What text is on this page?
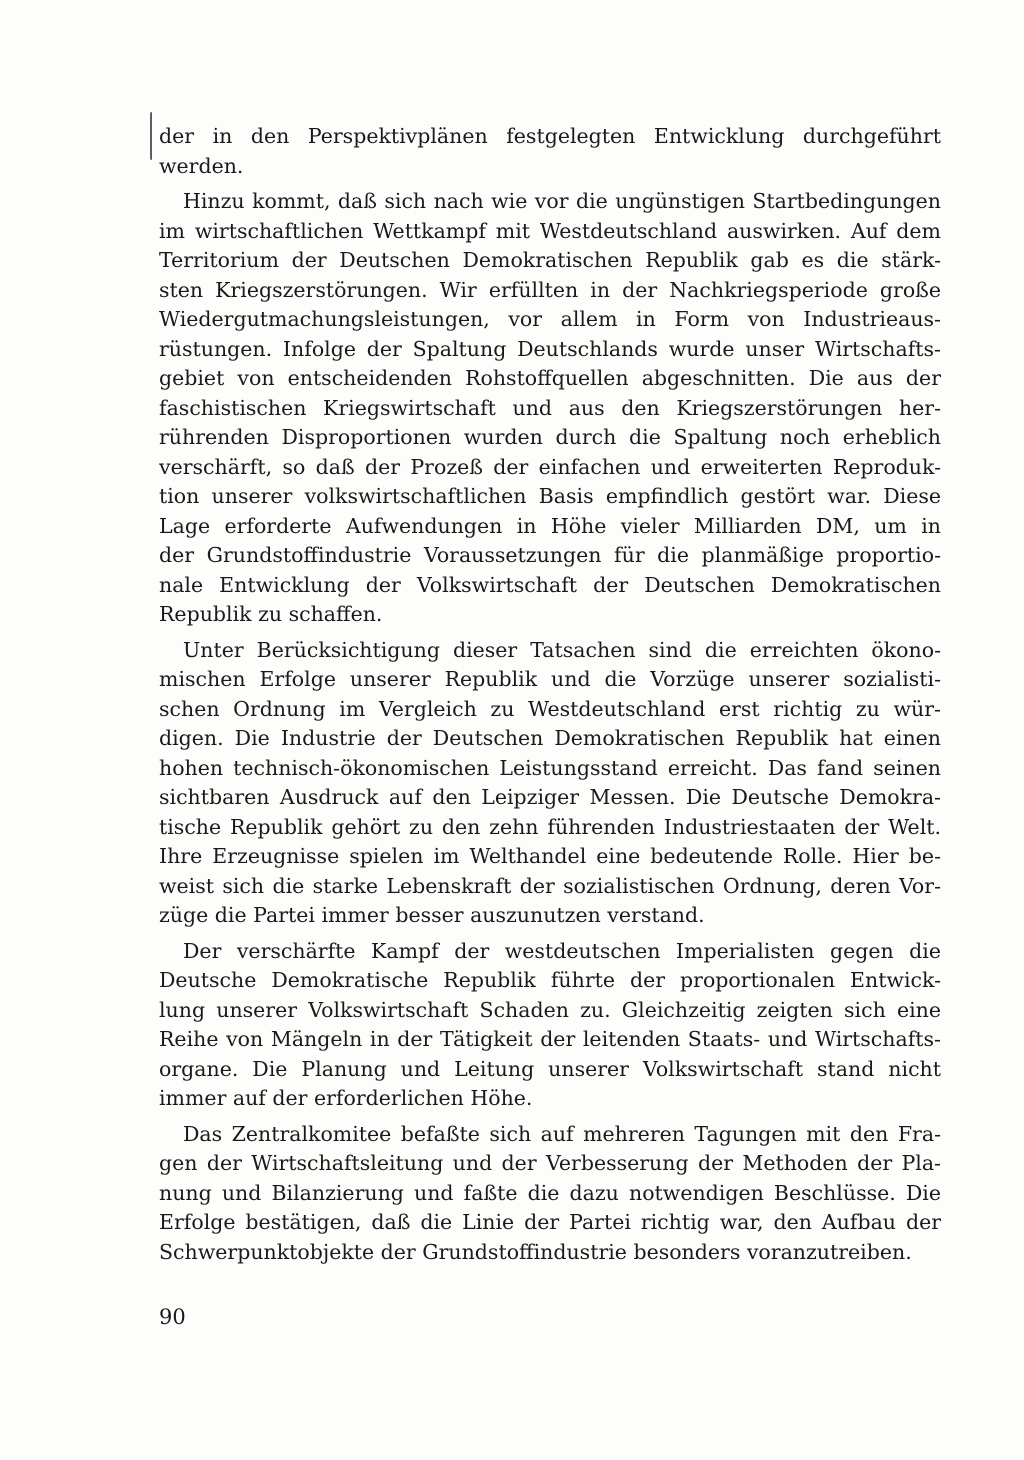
der in den Perspektivplänen festgelegten Entwicklung durchgeführt
werden.
Hinzu kommt, daß sich nach wie vor die ungünstigen Startbedingungen
im wirtschaftlichen Wettkampf mit Westdeutschland auswirken. Auf dem
Territorium der Deutschen Demokratischen Republik gab es die stärk-
sten Kriegszerstörungen. Wir erfüllten in der Nachkriegsperiode große
Wiedergutmachungsleistungen, vor allem in Form von Industrieaus-
rüstungen. Infolge der Spaltung Deutschlands wurde unser Wirtschafts-
gebiet von entscheidenden Rohstoffquellen abgeschnitten. Die aus der
faschistischen Kriegswirtschaft und aus den Kriegszerstörungen her-
rührenden Disproportionen wurden durch die Spaltung noch erheblich
verschärft, so daß der Prozeß der einfachen und erweiterten Reproduk-
tion unserer volkswirtschaftlichen Basis empfindlich gestört war. Diese
Lage erforderte Aufwendungen in Höhe vieler Milliarden DM, um in
der Grundstoffindustrie Voraussetzungen für die planmäßige proportio-
nale Entwicklung der Volkswirtschaft der Deutschen Demokratischen
Republik zu schaffen.
Unter Berücksichtigung dieser Tatsachen sind die erreichten ökono-
mischen Erfolge unserer Republik und die Vorzüge unserer sozialisti-
schen Ordnung im Vergleich zu Westdeutschland erst richtig zu wür-
digen. Die Industrie der Deutschen Demokratischen Republik hat einen
hohen technisch-ökonomischen Leistungsstand erreicht. Das fand seinen
sichtbaren Ausdruck auf den Leipziger Messen. Die Deutsche Demokra-
tische Republik gehört zu den zehn führenden Industriestaaten der Welt.
Ihre Erzeugnisse spielen im Welthandel eine bedeutende Rolle. Hier be-
weist sich die starke Lebenskraft der sozialistischen Ordnung, deren Vor-
züge die Partei immer besser auszunutzen verstand.
Der verschärfte Kampf der westdeutschen Imperialisten gegen die
Deutsche Demokratische Republik führte der proportionalen Entwick-
lung unserer Volkswirtschaft Schaden zu. Gleichzeitig zeigten sich eine
Reihe von Mängeln in der Tätigkeit der leitenden Staats- und Wirtschafts-
organe. Die Planung und Leitung unserer Volkswirtschaft stand nicht
immer auf der erforderlichen Höhe.
Das Zentralkomitee befaßte sich auf mehreren Tagungen mit den Fra-
gen der Wirtschaftsleitung und der Verbesserung der Methoden der Pla-
nung und Bilanzierung und faßte die dazu notwendigen Beschlüsse. Die
Erfolge bestätigen, daß die Linie der Partei richtig war, den Aufbau der
Schwerpunktobjekte der Grundstoffindustrie besonders voranzutreiben.
90
